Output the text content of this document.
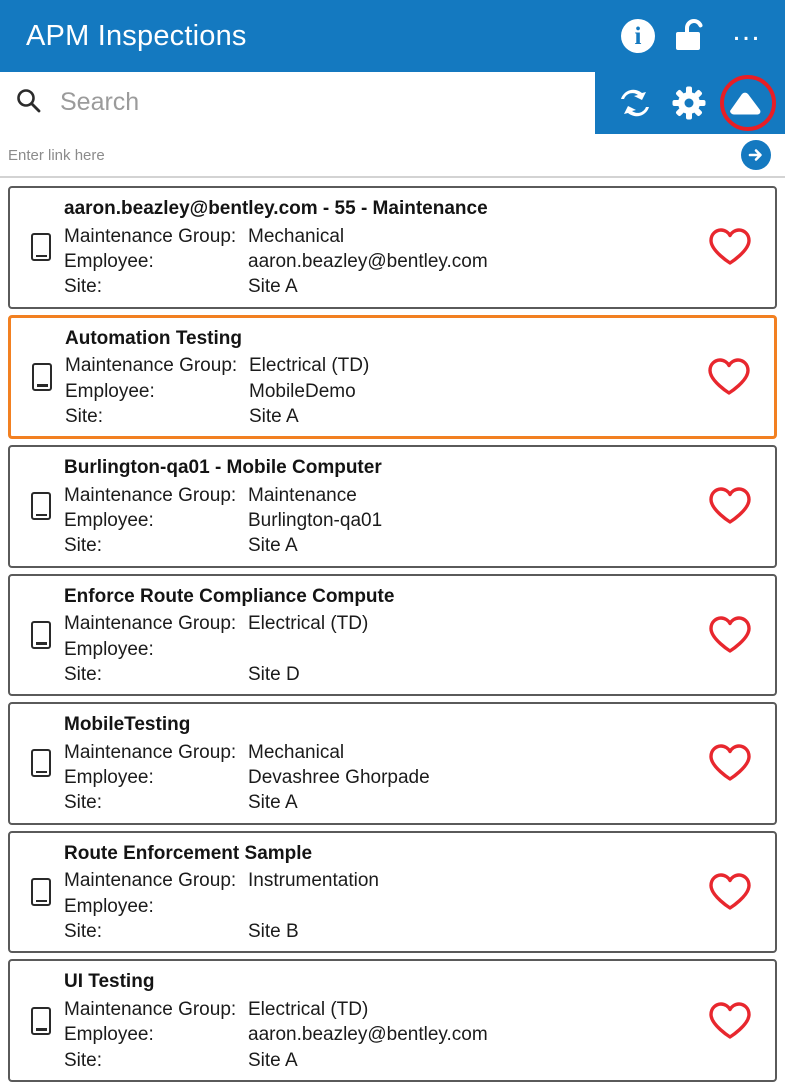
APM Inspections	i	…
Search
Enter link here
aaron.beazley@bentley.com - 55 - Maintenance
Maintenance Group: Mechanical
Employee:	aaron.beazley@bentley.com
Site:	Site A
Automation Testing
Maintenance Group: Electrical (TD)
Employee:	MobileDemo
Site:	Site A
Burlington-qa01 - Mobile Computer
Maintenance Group: Maintenance
Employee:	Burlington-qa01
Site:	Site A
Enforce Route Compliance Compute
Maintenance Group: Electrical (TD)
Employee:
Site:	Site D
MobileTesting
Maintenance Group: Mechanical
Employee:	Devashree Ghorpade
Site:	Site A
Route Enforcement Sample
Maintenance Group: Instrumentation
Employee:
Site:	Site B
UI Testing
Maintenance Group: Electrical (TD)
Employee:	aaron.beazley@bentley.com
Site:	Site A
